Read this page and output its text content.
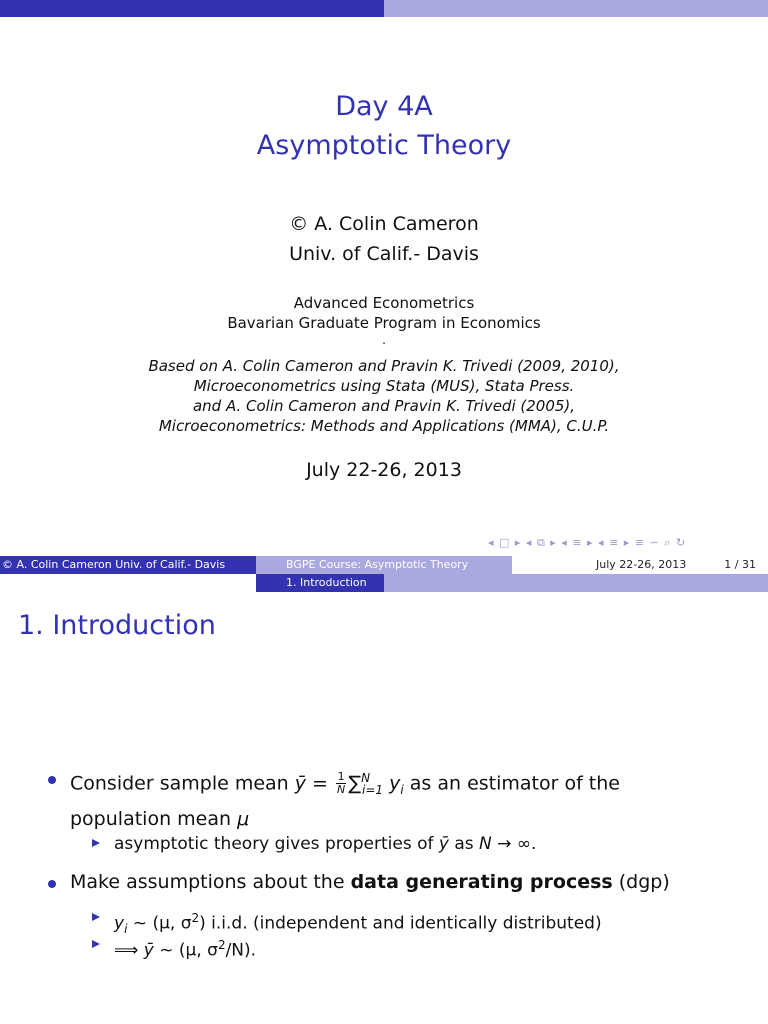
Day 4A
Asymptotic Theory
© A. Colin Cameron
Univ. of Calif.- Davis
Advanced Econometrics
Bavarian Graduate Program in Economics
.
Based on A. Colin Cameron and Pravin K. Trivedi (2009, 2010),
Microeconometrics using Stata (MUS), Stata Press.
and A. Colin Cameron and Pravin K. Trivedi (2005),
Microeconometrics: Methods and Applications (MMA), C.U.P.
July 22-26, 2013
◂ □ ▸ ◂ ⧉ ▸ ◂ ≡ ▸ ◂ ≡ ▸ ≡ ∽ ⌕ ↻
© A. Colin Cameron Univ. of Calif.- Davis	BGPE Course: Asymptotic Theory	July 22-26, 2013	1 / 31
1. Introduction
1. Introduction
Consider sample mean ȳ = $\frac{1}{N} \sum^N_{i=1}$ $y_i$ as an estimator of the
population mean μ
asymptotic theory gives properties of ȳ as N → ∞.
Make assumptions about the data generating process (dgp)
$y_i$ ∼ (μ, $\sigma^2$) i.i.d. (independent and identically distributed)
⟹ ȳ ∼ (μ, $\sigma^2/N$).
